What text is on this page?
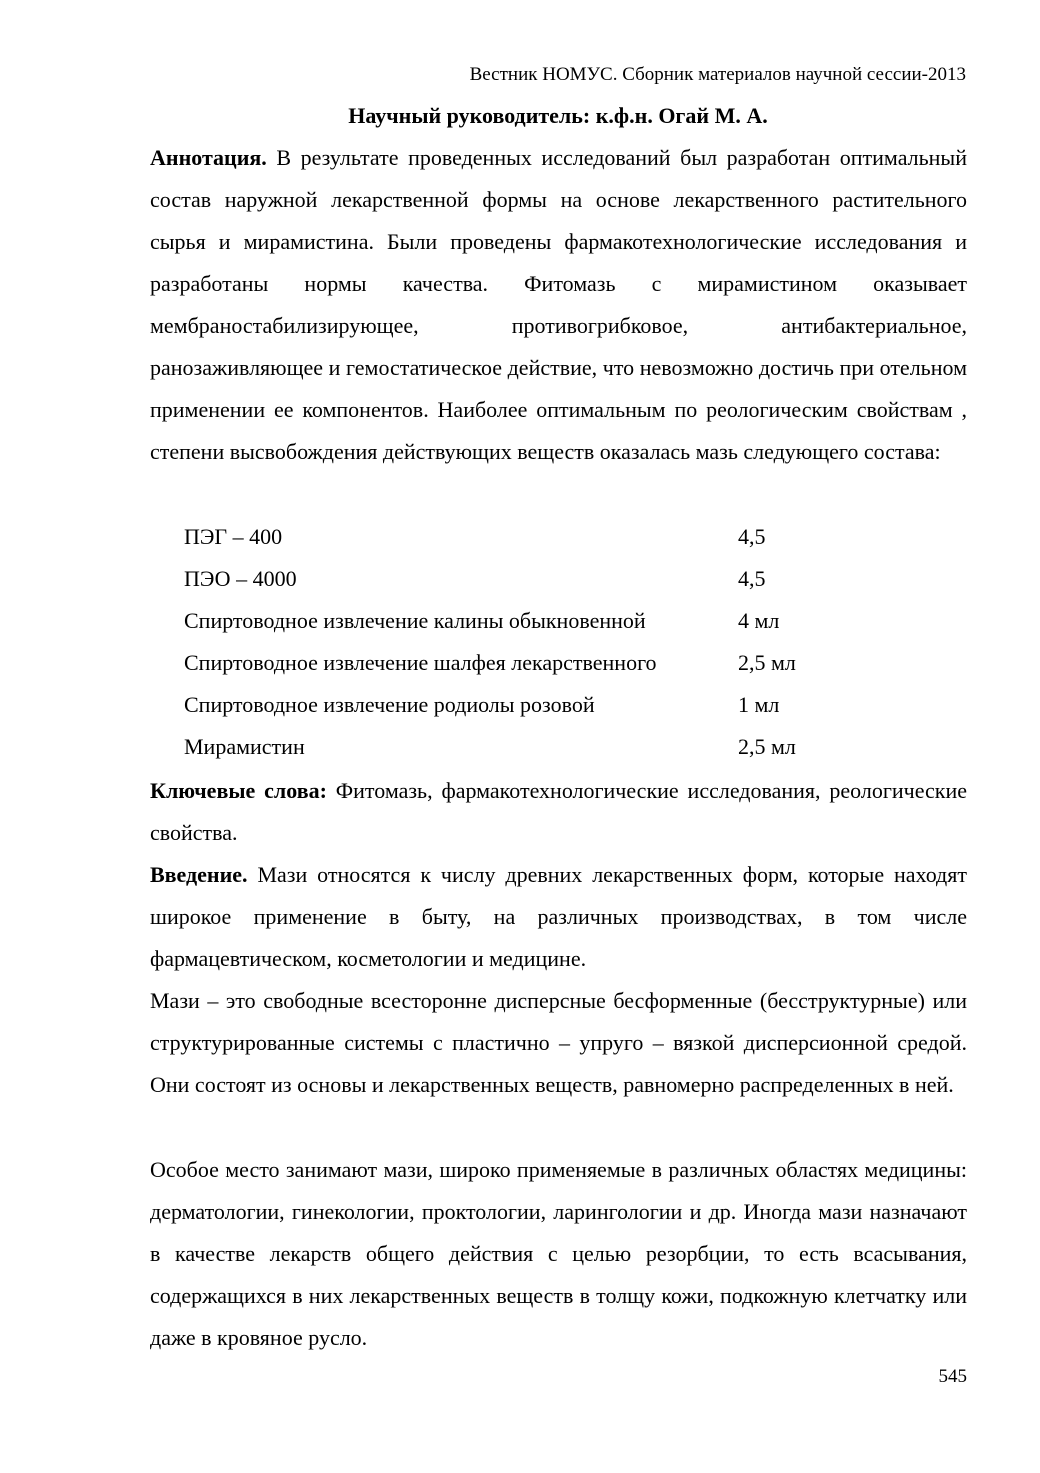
Вестник НОМУС. Сборник материалов научной сессии-2013
Научный руководитель: к.ф.н. Огай М. А.
Аннотация. В результате проведенных исследований был разработан оптимальный состав наружной лекарственной формы на основе лекарственного растительного сырья и мирамистина. Были проведены фармакотехнологические исследования и разработаны нормы качества. Фитомазь с мирамистином оказывает мембраностабилизирующее, противогрибковое, антибактериальное, ранозаживляющее и гемостатическое действие, что невозможно достичь при отельном применении ее компонентов. Наиболее оптимальным по реологическим свойствам , степени высвобождения действующих веществ оказалась мазь следующего состава:
ПЭГ – 400	4,5
ПЭО – 4000	4,5
Спиртоводное извлечение калины обыкновенной	4 мл
Спиртоводное извлечение шалфея лекарственного	2,5 мл
Спиртоводное извлечение родиолы розовой	1 мл
Мирамистин	2,5 мл
Ключевые слова: Фитомазь, фармакотехнологические исследования, реологические свойства.
Введение. Мази относятся к числу древних лекарственных форм, которые находят широкое применение в быту, на различных производствах, в том числе фармацевтическом, косметологии и медицине.
Мази – это свободные всесторонне дисперсные бесформенные (бесструктурные) или структурированные системы с пластично – упруго – вязкой дисперсионной средой. Они состоят из основы и лекарственных веществ, равномерно распределенных в ней.
Особое место занимают мази, широко применяемые в различных областях медицины: дерматологии, гинекологии, проктологии, ларингологии и др. Иногда мази назначают в качестве лекарств общего действия с целью резорбции, то есть всасывания, содержащихся в них лекарственных веществ в толщу кожи, подкожную клетчатку или даже в кровяное русло.
545
